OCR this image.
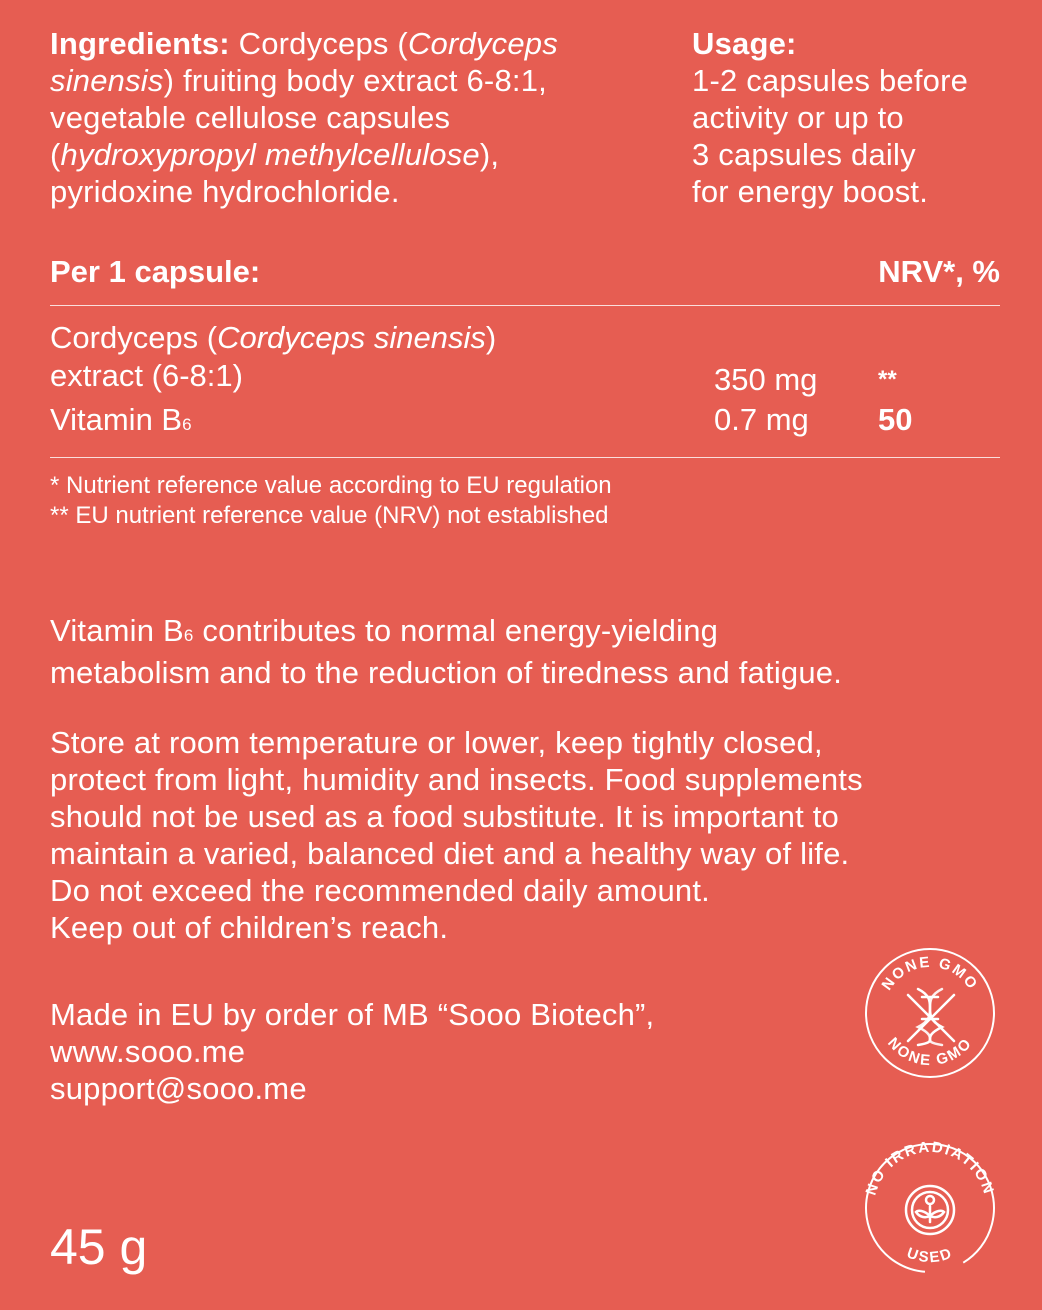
Ingredients: Cordyceps (Cordyceps
sinensis) fruiting body extract 6-8:1,
vegetable cellulose capsules
(hydroxypropyl methylcellulose),
pyridoxine hydrochloride.
Usage:
1-2 capsules before
activity or up to
3 capsules daily
for energy boost.
Per 1 capsule:	NRV*, %
Cordyceps (Cordyceps sinensis)
extract (6-8:1)	350 mg	**
Vitamin B6	0.7 mg 50
* Nutrient reference value according to EU regulation
** EU nutrient reference value (NRV) not established
Vitamin B6 contributes to normal energy-yielding
metabolism and to the reduction of tiredness and fatigue.
Store at room temperature or lower, keep tightly closed,
protect from light, humidity and insects. Food supplements
should not be used as a food substitute. It is important to
maintain a varied, balanced diet and a healthy way of life.
Do not exceed the recommended daily amount.
Keep out of children’s reach.
Made in EU by order of MB “Sooo Biotech”,
www.sooo.me
support@sooo.me
45 g
NONE GMO
NONE GMO
NO IRRADIATION
USED
